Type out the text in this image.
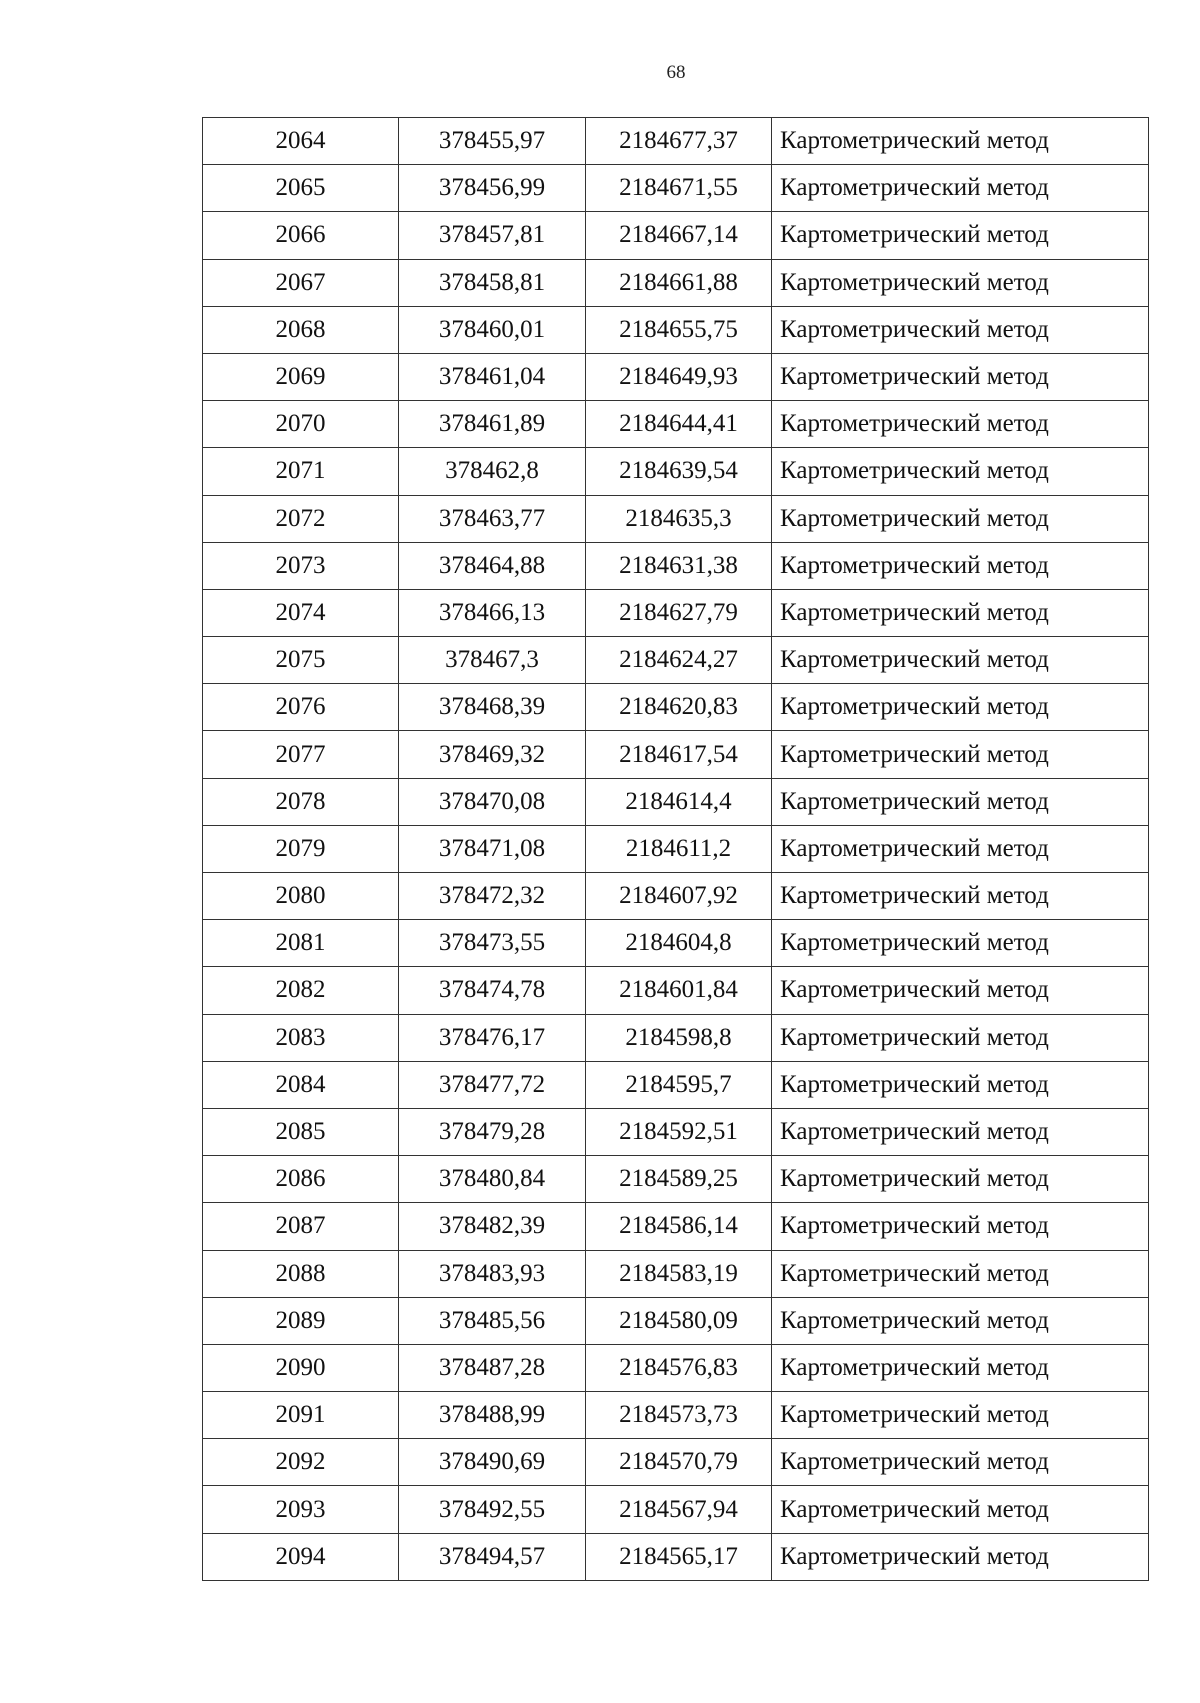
68
2064	378455,97	2184677,37	Картометрический метод
2065	378456,99	2184671,55	Картометрический метод
2066	378457,81	2184667,14	Картометрический метод
2067	378458,81	2184661,88	Картометрический метод
2068	378460,01	2184655,75	Картометрический метод
2069	378461,04	2184649,93	Картометрический метод
2070	378461,89	2184644,41	Картометрический метод
2071	378462,8	2184639,54	Картометрический метод
2072	378463,77	2184635,3	Картометрический метод
2073	378464,88	2184631,38	Картометрический метод
2074	378466,13	2184627,79	Картометрический метод
2075	378467,3	2184624,27	Картометрический метод
2076	378468,39	2184620,83	Картометрический метод
2077	378469,32	2184617,54	Картометрический метод
2078	378470,08	2184614,4	Картометрический метод
2079	378471,08	2184611,2	Картометрический метод
2080	378472,32	2184607,92	Картометрический метод
2081	378473,55	2184604,8	Картометрический метод
2082	378474,78	2184601,84	Картометрический метод
2083	378476,17	2184598,8	Картометрический метод
2084	378477,72	2184595,7	Картометрический метод
2085	378479,28	2184592,51	Картометрический метод
2086	378480,84	2184589,25	Картометрический метод
2087	378482,39	2184586,14	Картометрический метод
2088	378483,93	2184583,19	Картометрический метод
2089	378485,56	2184580,09	Картометрический метод
2090	378487,28	2184576,83	Картометрический метод
2091	378488,99	2184573,73	Картометрический метод
2092	378490,69	2184570,79	Картометрический метод
2093	378492,55	2184567,94	Картометрический метод
2094	378494,57	2184565,17	Картометрический метод
